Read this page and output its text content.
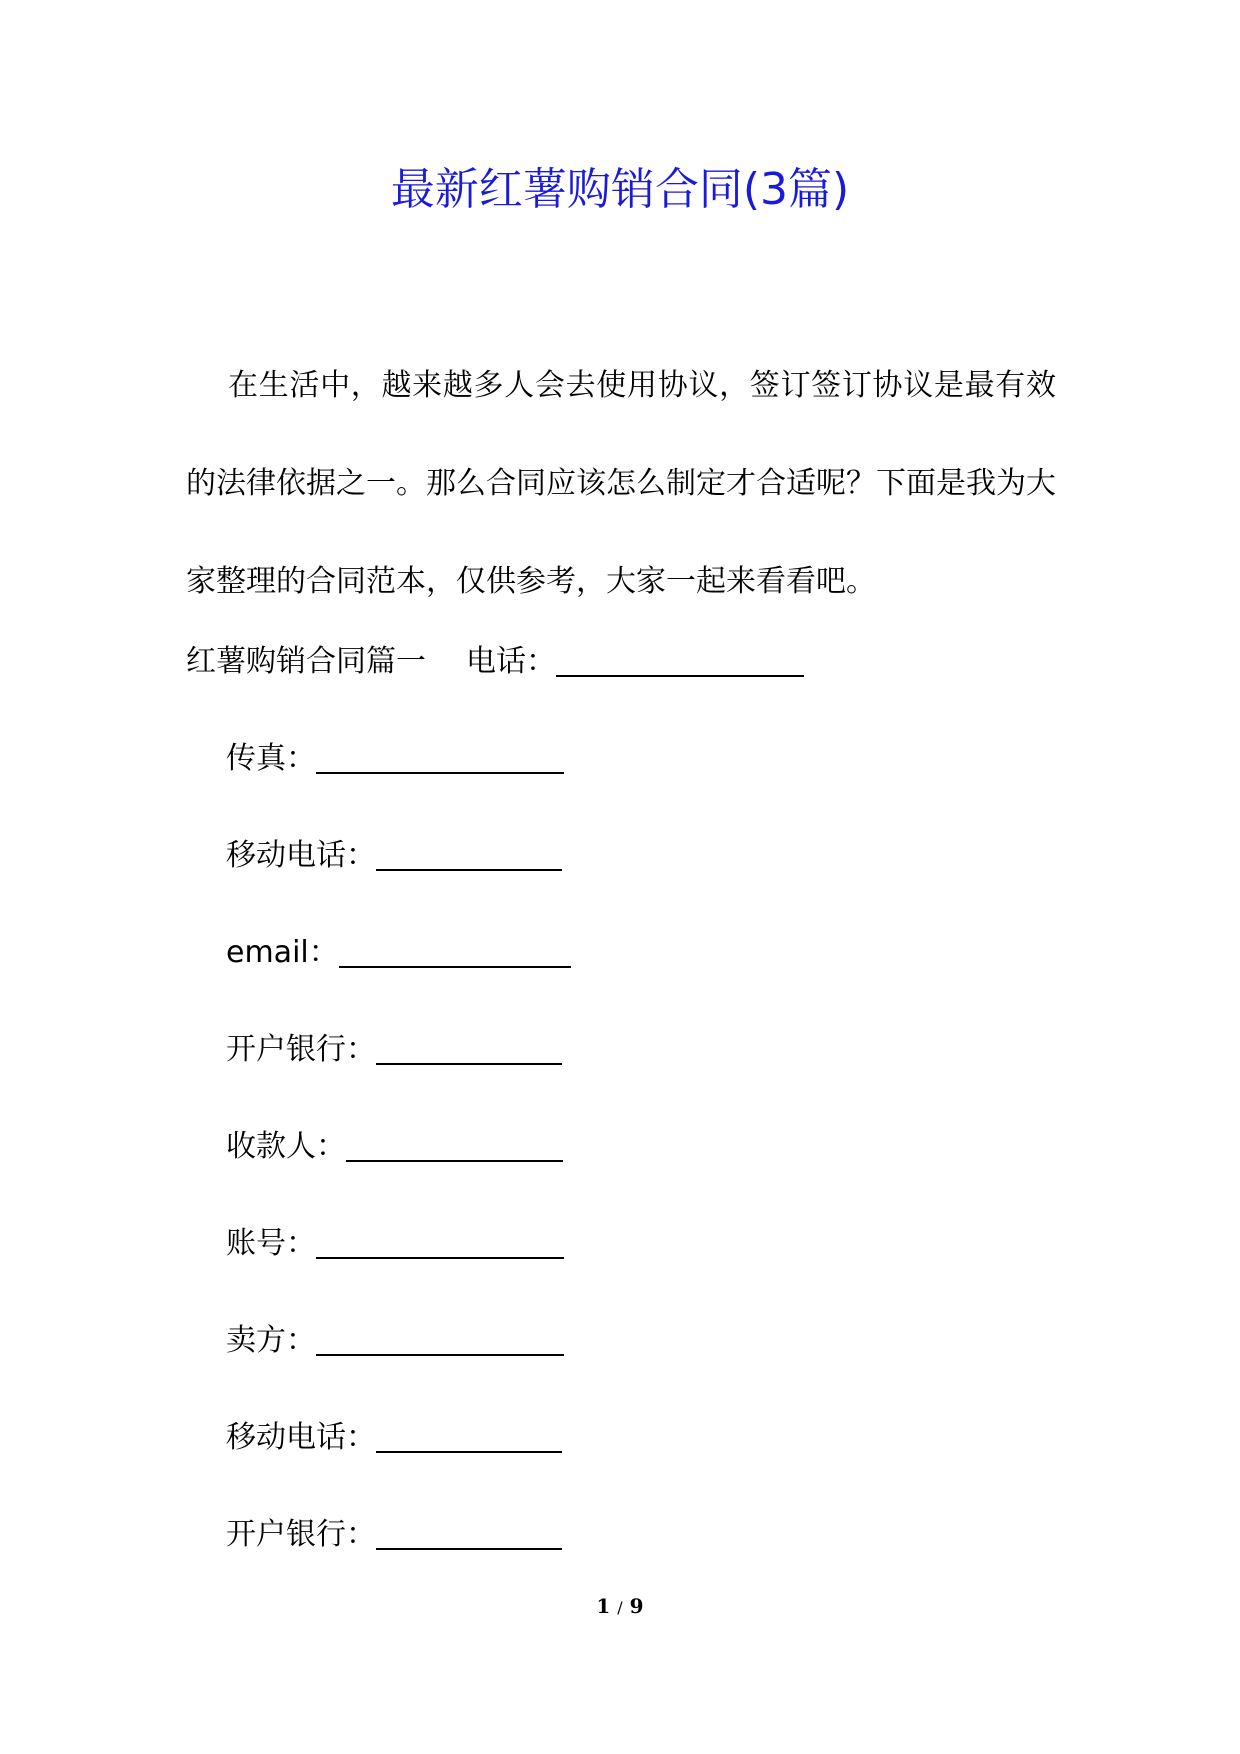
最新红薯购销合同(3篇)

在生活中，越来越多人会去使用协议，签订签订协议是最有效的法律依据之一。那么合同应该怎么制定才合适呢？下面是我为大家整理的合同范本，仅供参考，大家一起来看看吧。

红薯购销合同篇一 电话：
传真：
移动电话：
email：
开户银行：
收款人：
账号：
卖方：
移动电话：
开户银行：
1 / 9
